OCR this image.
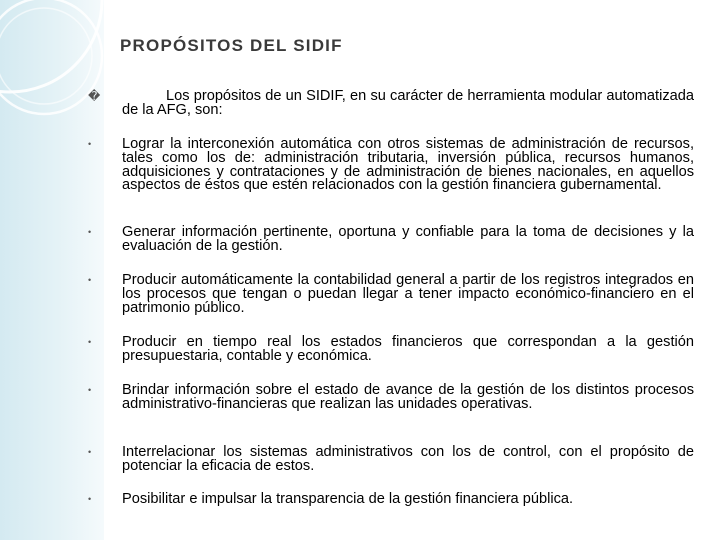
PROPÓSITOS DEL SIDIF
�	Los propósitos de un SIDIF, en su carácter de herramienta modular automatizada de la AFG, son:
• Lograr la interconexión automática con otros sistemas de administración de recursos, tales como los de: administración tributaria, inversión pública, recursos humanos, adquisiciones y contrataciones y de administración de bienes nacionales, en aquellos aspectos de éstos que estén relacionados con la gestión financiera gubernamental.
• Generar información pertinente, oportuna y confiable para la toma de decisiones y la evaluación de la gestión.
• Producir automáticamente la contabilidad general a partir de los registros integrados en los procesos que tengan o puedan llegar a tener impacto económico-financiero en el patrimonio público.
• Producir en tiempo real los estados financieros que correspondan a la gestión presupuestaria, contable y económica.
• Brindar información sobre el estado de avance de la gestión de los distintos procesos administrativo-financieras que realizan las unidades operativas.
• Interrelacionar los sistemas administrativos con los de control, con el propósito de potenciar la eficacia de estos.
• Posibilitar e impulsar la transparencia de la gestión financiera pública.
